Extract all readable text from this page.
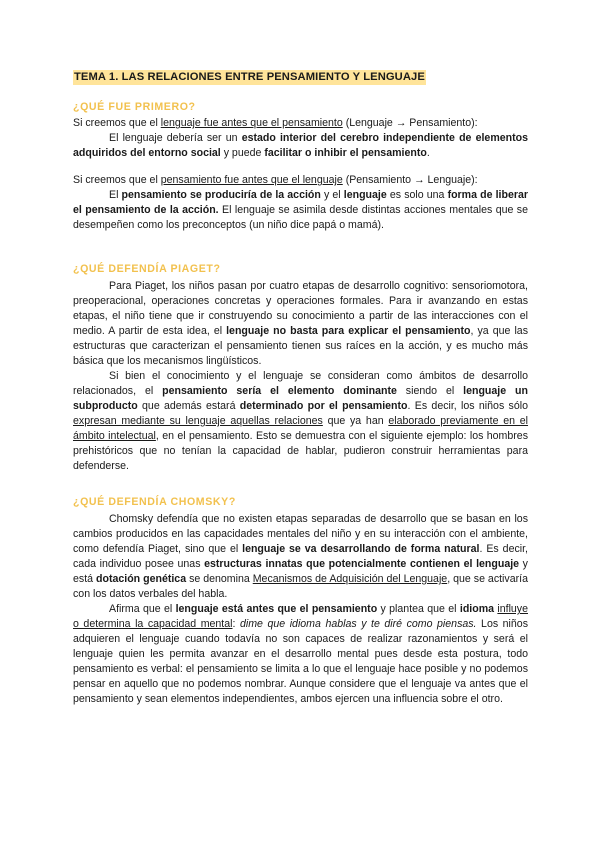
TEMA 1. LAS RELACIONES ENTRE PENSAMIENTO Y LENGUAJE
¿QUÉ FUE PRIMERO?

Si creemos que el lenguaje fue antes que el pensamiento (Lenguaje → Pensamiento):

El lenguaje debería ser un estado interior del cerebro independiente de elementos adquiridos del entorno social y puede facilitar o inhibir el pensamiento.

Si creemos que el pensamiento fue antes que el lenguaje (Pensamiento → Lenguaje):

El pensamiento se produciría de la acción y el lenguaje es solo una forma de liberar el pensamiento de la acción. El lenguaje se asimila desde distintas acciones mentales que se desempeñen como los preconceptos (un niño dice papá o mamá).

¿QUÉ DEFENDÍA PIAGET?

Para Piaget, los niños pasan por cuatro etapas de desarrollo cognitivo: sensoriomotora, preoperacional, operaciones concretas y operaciones formales. Para ir avanzando en estas etapas, el niño tiene que ir construyendo su conocimiento a partir de las interacciones con el medio. A partir de esta idea, el lenguaje no basta para explicar el pensamiento, ya que las estructuras que caracterizan el pensamiento tienen sus raíces en la acción, y es mucho más básica que los mecanismos lingüísticos.

Si bien el conocimiento y el lenguaje se consideran como ámbitos de desarrollo relacionados, el pensamiento sería el elemento dominante siendo el lenguaje un subproducto que además estará determinado por el pensamiento. Es decir, los niños sólo expresan mediante su lenguaje aquellas relaciones que ya han elaborado previamente en el ámbito intelectual, en el pensamiento. Esto se demuestra con el siguiente ejemplo: los hombres prehistóricos que no tenían la capacidad de hablar, pudieron construir herramientas para defenderse.

¿QUÉ DEFENDÍA CHOMSKY?

Chomsky defendía que no existen etapas separadas de desarrollo que se basan en los cambios producidos en las capacidades mentales del niño y en su interacción con el ambiente, como defendía Piaget, sino que el lenguaje se va desarrollando de forma natural. Es decir, cada individuo posee unas estructuras innatas que potencialmente contienen el lenguaje y está dotación genética se denomina Mecanismos de Adquisición del Lenguaje, que se activaría con los datos verbales del habla.

Afirma que el lenguaje está antes que el pensamiento y plantea que el idioma influye o determina la capacidad mental: dime que idioma hablas y te diré como piensas. Los niños adquieren el lenguaje cuando todavía no son capaces de realizar razonamientos y será el lenguaje quien les permita avanzar en el desarrollo mental pues desde esta postura, todo pensamiento es verbal: el pensamiento se limita a lo que el lenguaje hace posible y no podemos pensar en aquello que no podemos nombrar. Aunque considere que el lenguaje va antes que el pensamiento y sean elementos independientes, ambos ejercen una influencia sobre el otro.
